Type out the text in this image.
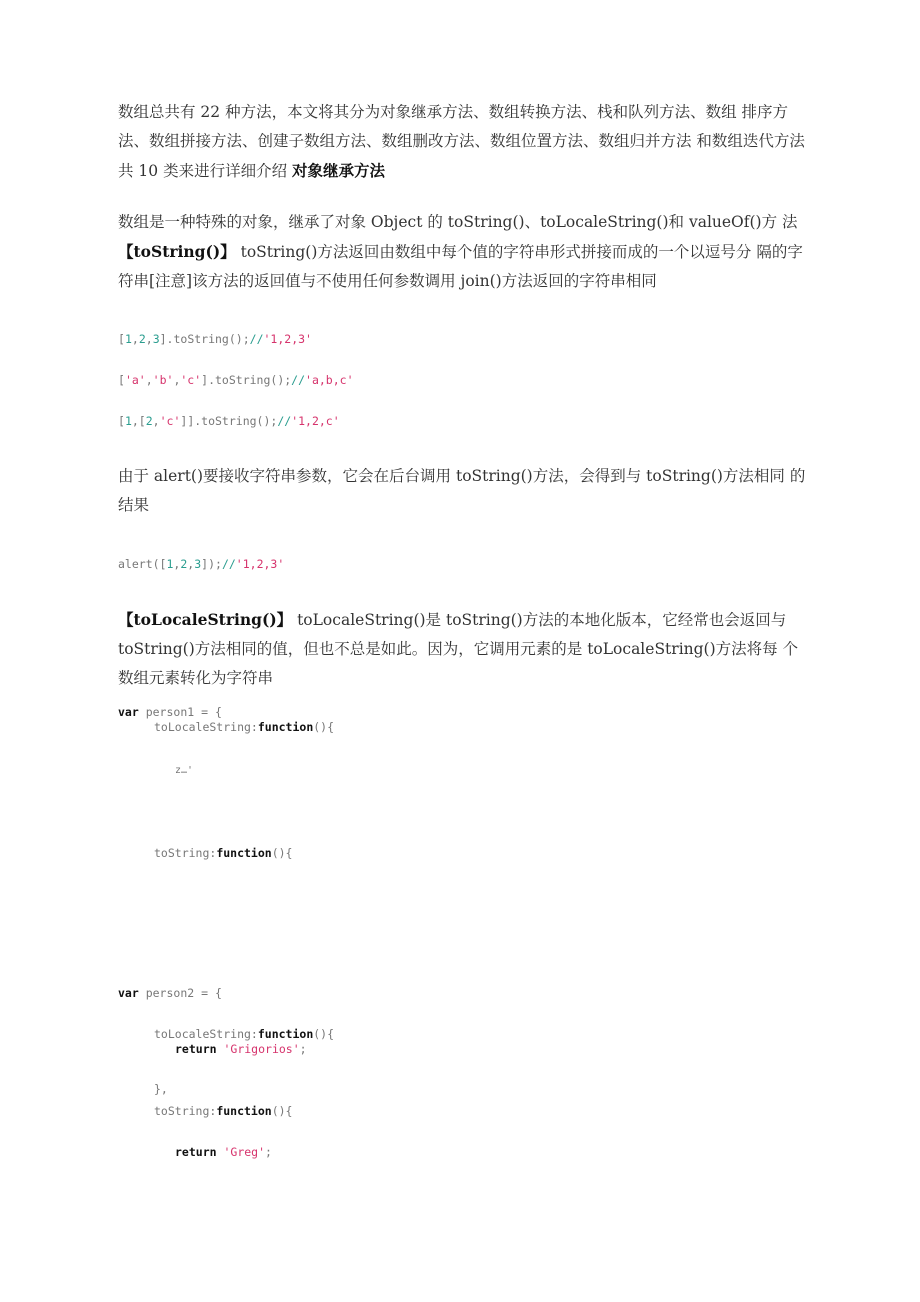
数组总共有 22 种方法，本文将其分为对象继承方法、数组转换方法、栈和队列方法、数组 排序方法、数组拼接方法、创建子数组方法、数组删改方法、数组位置方法、数组归并方法 和数组迭代方法共 10 类来进行详细介绍 对象继承方法

数组是一种特殊的对象，继承了对象 Object 的 toString()、toLocaleString()和 valueOf()方 法【toString()】 toString()方法返回由数组中每个值的字符串形式拼接而成的一个以逗号分 隔的字符串[注意]该方法的返回值与不使用任何参数调用 join()方法返回的字符串相同

[1,2,3].toString();//'1,2,3'
['a','b','c'].toString();//'a,b,c'
[1,[2,'c']].toString();//'1,2,c'

由于 alert()要接收字符串参数，它会在后台调用 toString()方法，会得到与 toString()方法相同 的结果

alert([1,2,3]);//'1,2,3'

【toLocaleString()】 toLocaleString()是 toString()方法的本地化版本，它经常也会返回与 toString()方法相同的值，但也不总是如此。因为，它调用元素的是 toLocaleString()方法将每 个数组元素转化为字符串

var person1 = {
toLocaleString:function(){
z…'
toString:function(){
var person2 = {
toLocaleString:function(){
return 'Grigorios';
},
toString:function(){
return 'Greg';
